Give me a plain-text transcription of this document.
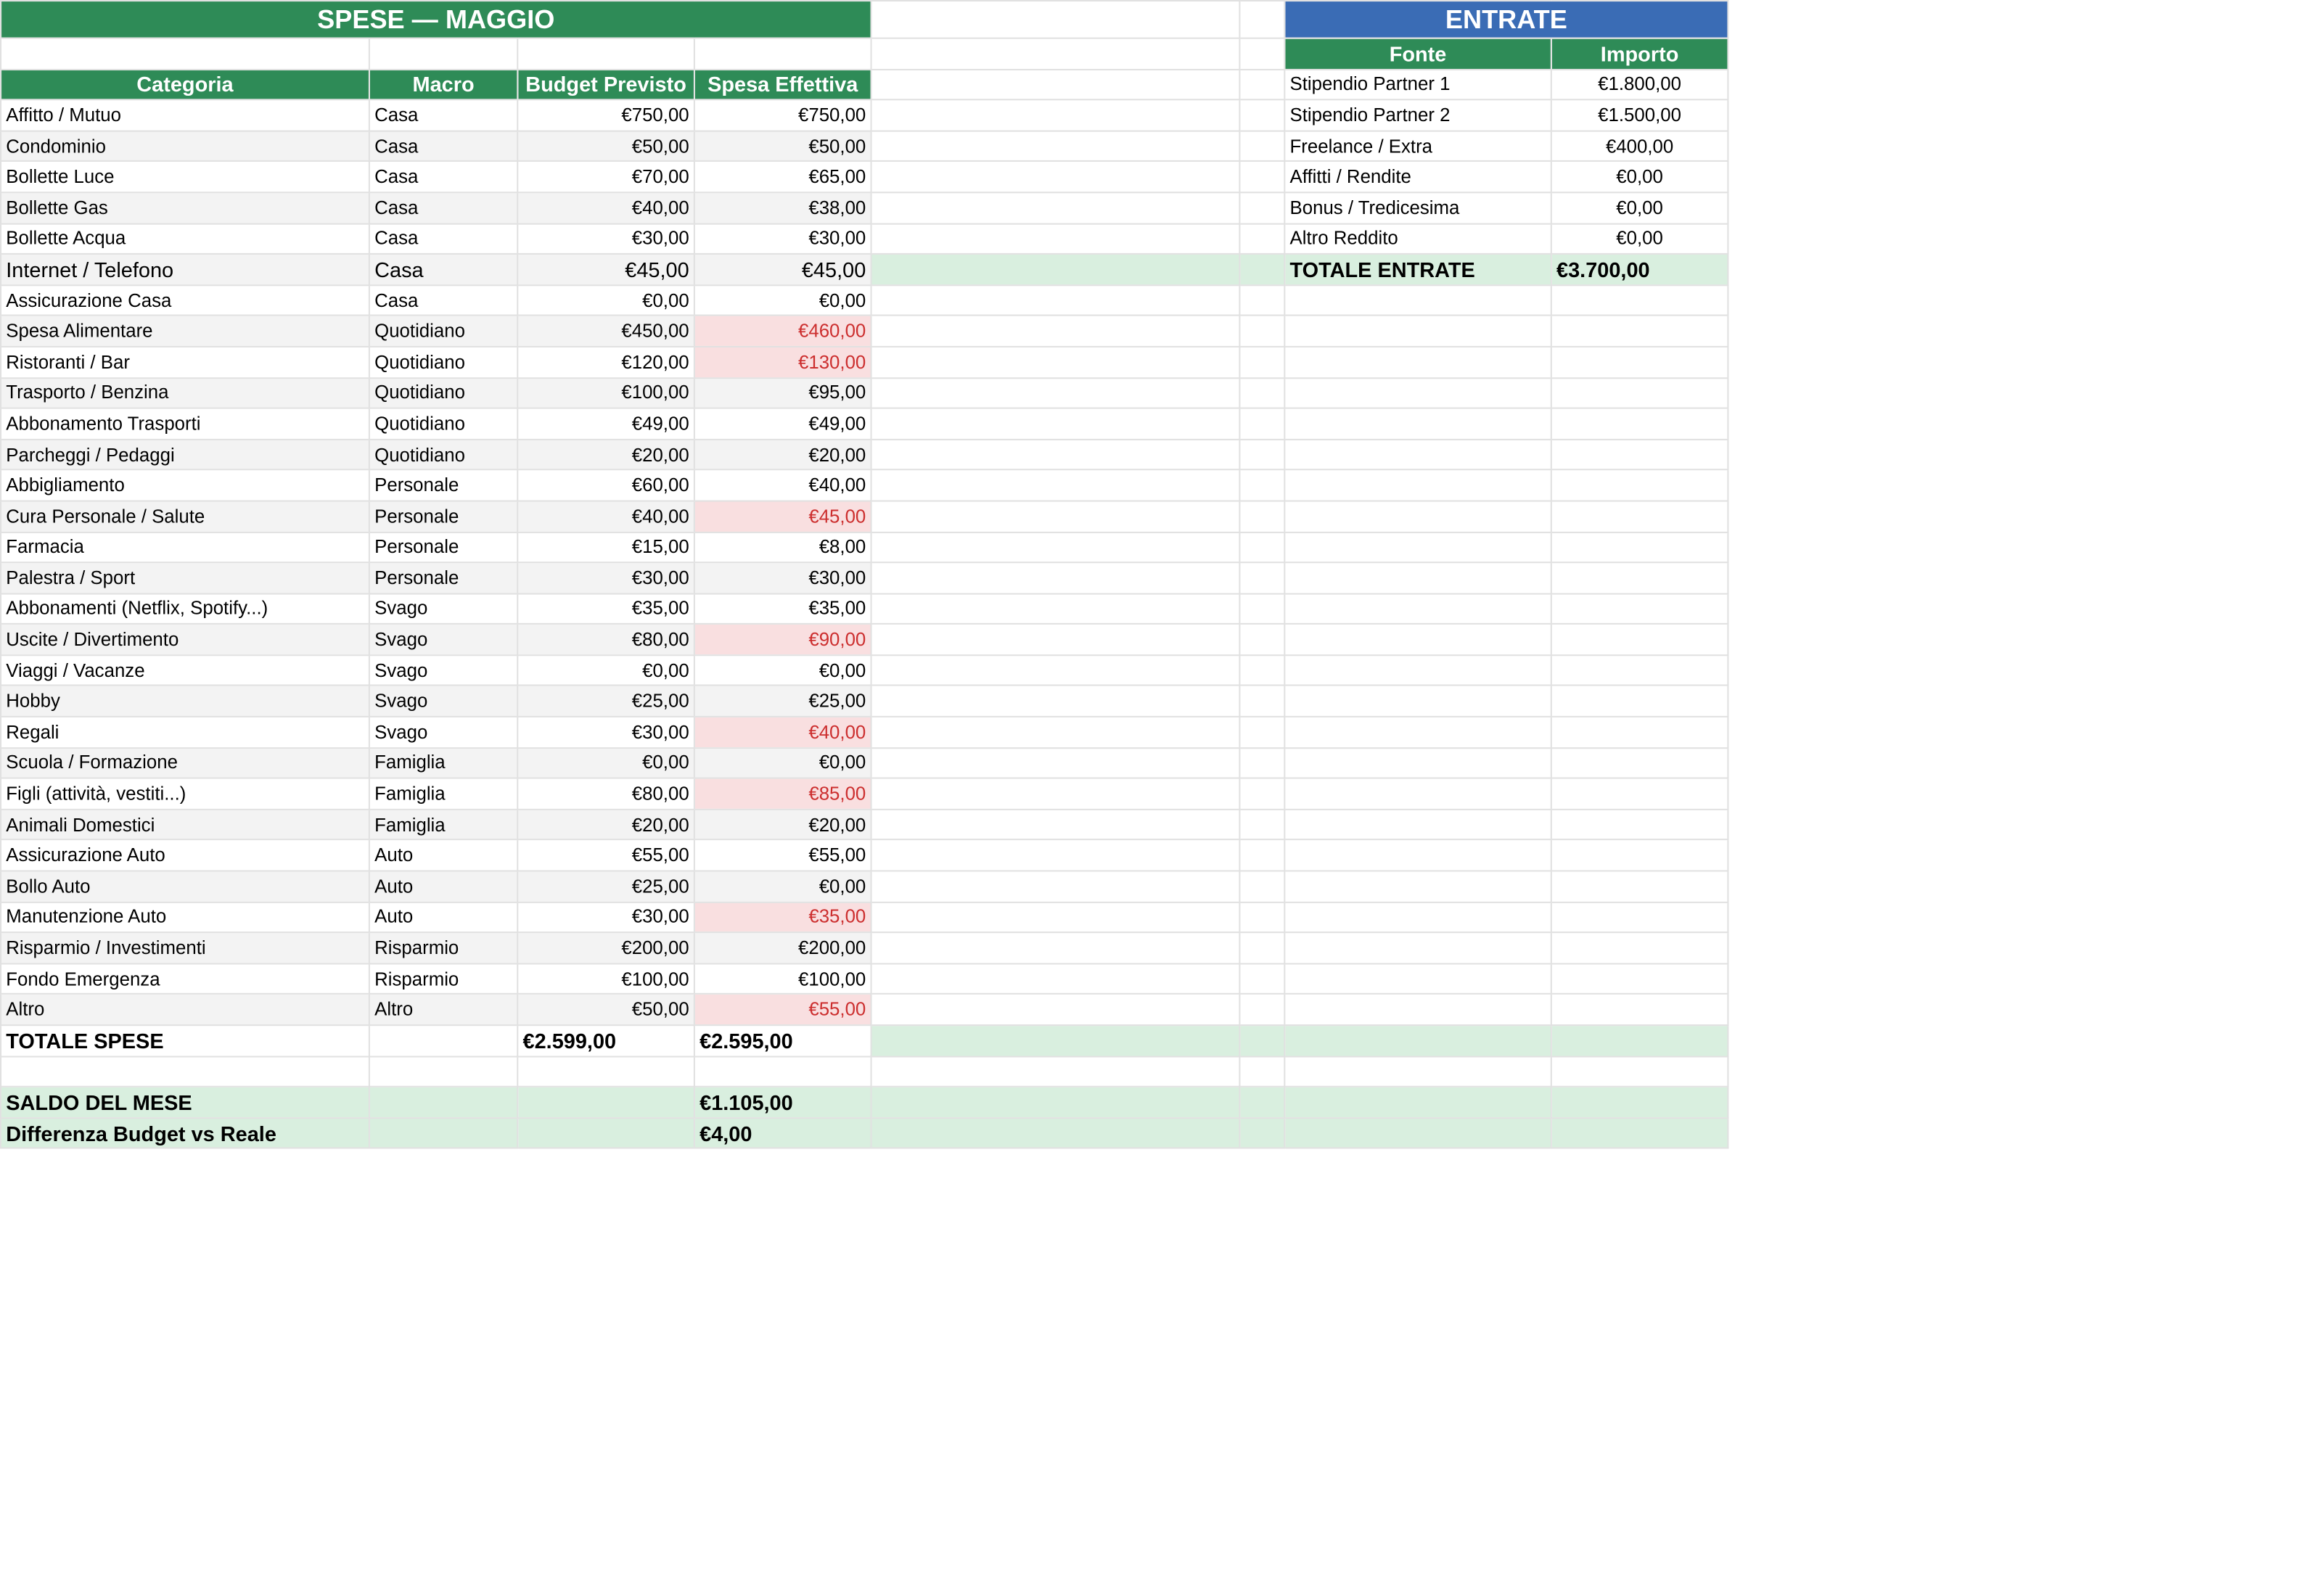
SPESE — MAGGIO						ENTRATE	
						Fonte	Importo
Categoria	Macro	Budget Previsto	Spesa Effettiva			Stipendio Partner 1	€1.800,00
Affitto / Mutuo	Casa	€750,00	€750,00			Stipendio Partner 2	€1.500,00
Condominio	Casa	€50,00	€50,00			Freelance / Extra	€400,00
Bollette Luce	Casa	€70,00	€65,00			Affitti / Rendite	€0,00
Bollette Gas	Casa	€40,00	€38,00			Bonus / Tredicesima	€0,00
Bollette Acqua	Casa	€30,00	€30,00			Altro Reddito	€0,00
Internet / Telefono	Casa	€45,00	€45,00			TOTALE ENTRATE	€3.700,00
Assicurazione Casa	Casa	€0,00	€0,00				
Spesa Alimentare	Quotidiano	€450,00	€460,00				
Ristoranti / Bar	Quotidiano	€120,00	€130,00				
Trasporto / Benzina	Quotidiano	€100,00	€95,00				
Abbonamento Trasporti	Quotidiano	€49,00	€49,00				
Parcheggi / Pedaggi	Quotidiano	€20,00	€20,00				
Abbigliamento	Personale	€60,00	€40,00				
Cura Personale / Salute	Personale	€40,00	€45,00				
Farmacia	Personale	€15,00	€8,00				
Palestra / Sport	Personale	€30,00	€30,00				
Abbonamenti (Netflix, Spotify...)	Svago	€35,00	€35,00				
Uscite / Divertimento	Svago	€80,00	€90,00				
Viaggi / Vacanze	Svago	€0,00	€0,00				
Hobby	Svago	€25,00	€25,00				
Regali	Svago	€30,00	€40,00				
Scuola / Formazione	Famiglia	€0,00	€0,00				
Figli (attività, vestiti...)	Famiglia	€80,00	€85,00				
Animali Domestici	Famiglia	€20,00	€20,00				
Assicurazione Auto	Auto	€55,00	€55,00				
Bollo Auto	Auto	€25,00	€0,00				
Manutenzione Auto	Auto	€30,00	€35,00				
Risparmio / Investimenti	Risparmio	€200,00	€200,00				
Fondo Emergenza	Risparmio	€100,00	€100,00				
Altro	Altro	€50,00	€55,00				
TOTALE SPESE		€2.599,00	€2.595,00				

SALDO DEL MESE			€1.105,00				
Differenza Budget vs Reale			€4,00				
